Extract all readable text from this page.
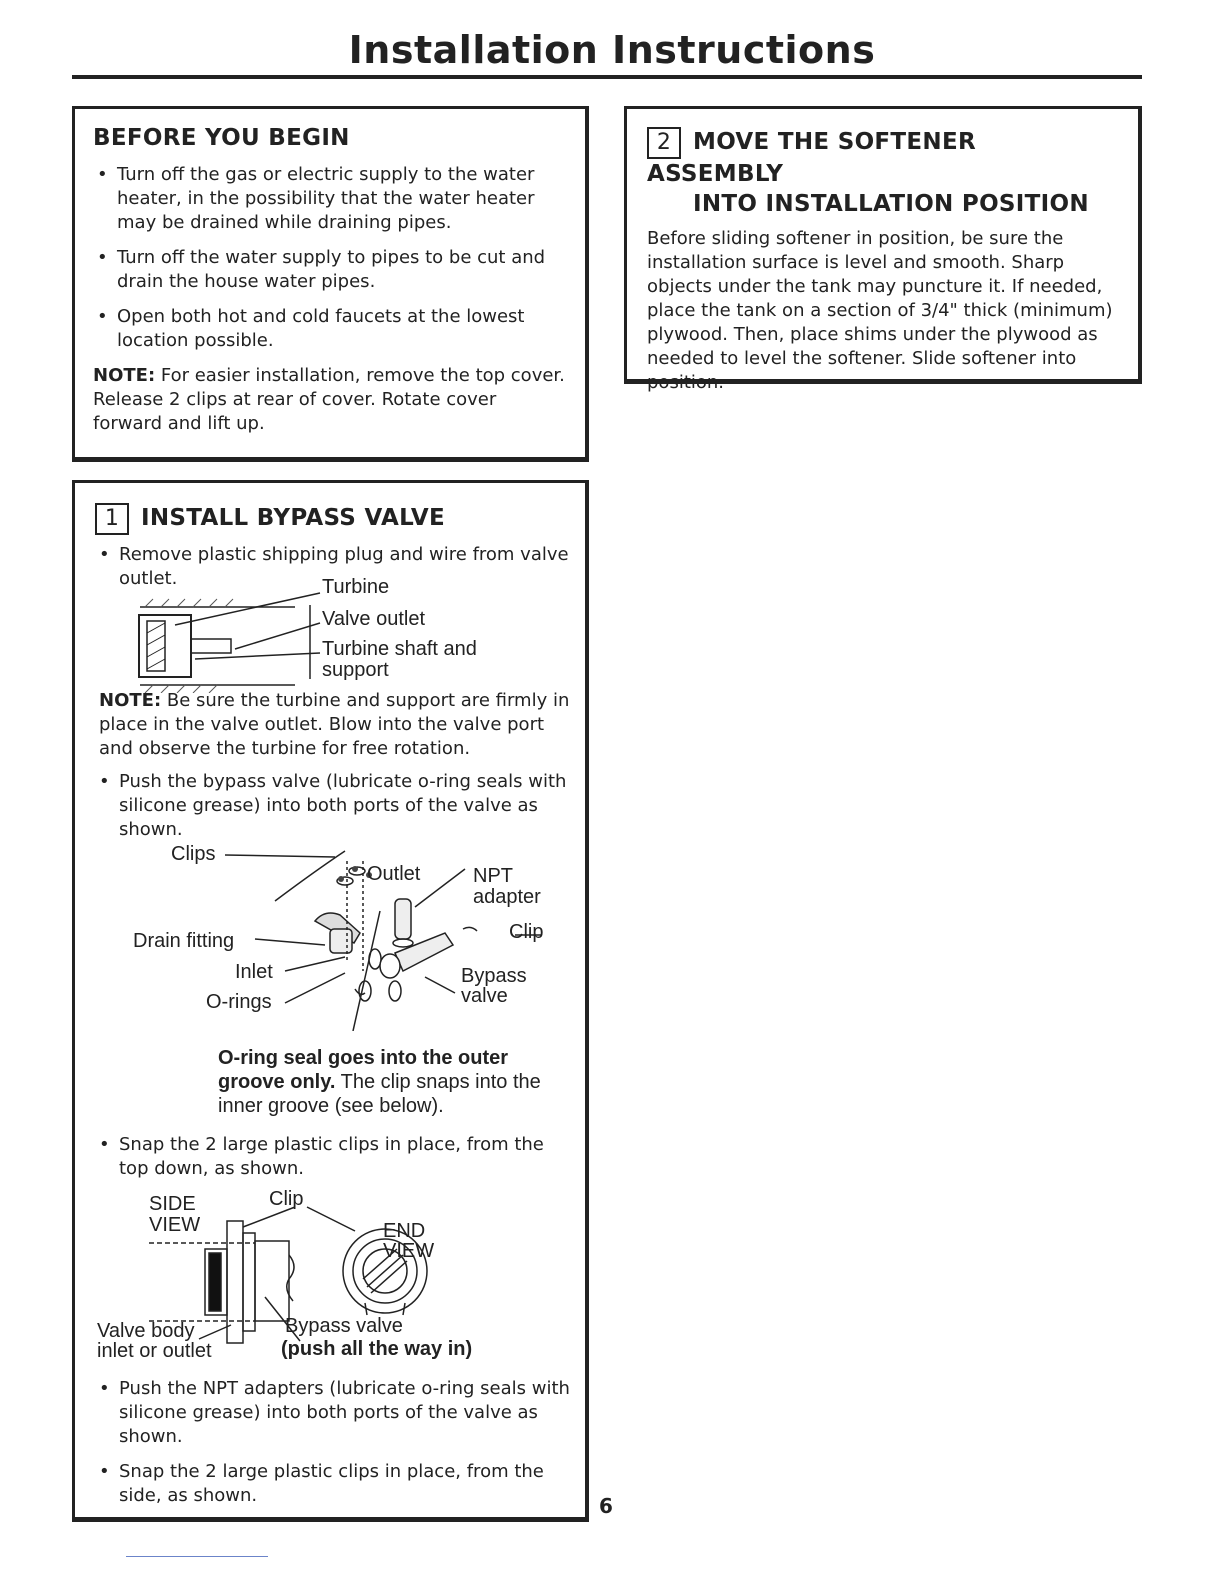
Installation Instructions
BEFORE YOU BEGIN
• Turn off the gas or electric supply to the water heater, in the possibility that the water heater may be drained while draining pipes.
• Turn off the water supply to pipes to be cut and drain the house water pipes.
• Open both hot and cold faucets at the lowest location possible.

NOTE: For easier installation, remove the top cover. Release 2 clips at rear of cover. Rotate cover forward and lift up.

2 MOVE THE SOFTENER ASSEMBLY
INTO INSTALLATION POSITION

Before sliding softener in position, be sure the installation surface is level and smooth. Sharp objects under the tank may puncture it. If needed, place the tank on a section of 3/4" thick (minimum) plywood. Then, place shims under the plywood as needed to level the softener. Slide softener into position.

1 INSTALL BYPASS VALVE
• Remove plastic shipping plug and wire from valve outlet.	Turbine
Valve outlet
Turbine shaft and
support

NOTE: Be sure the turbine and support are firmly in place in the valve outlet. Blow into the valve port and observe the turbine for free rotation.

• Push the bypass valve (lubricate o-ring seals with silicone grease) into both ports of the valve as shown.
Clips
Outlet	NPT
adapter
Clip
Drain fitting
Inlet	Bypass
valve
O-rings
O-ring seal goes into the outer groove only. The clip snaps into the inner groove (see below).
• Snap the 2 large plastic clips in place, from the top down, as shown.
SIDE
VIEW
Clip
END
VIEW
Valve body
inlet or outlet
Bypass valve
(push all the way in)
• Push the NPT adapters (lubricate o-ring seals with silicone grease) into both ports of the valve as shown.
• Snap the 2 large plastic clips in place, from the side, as shown.	6
